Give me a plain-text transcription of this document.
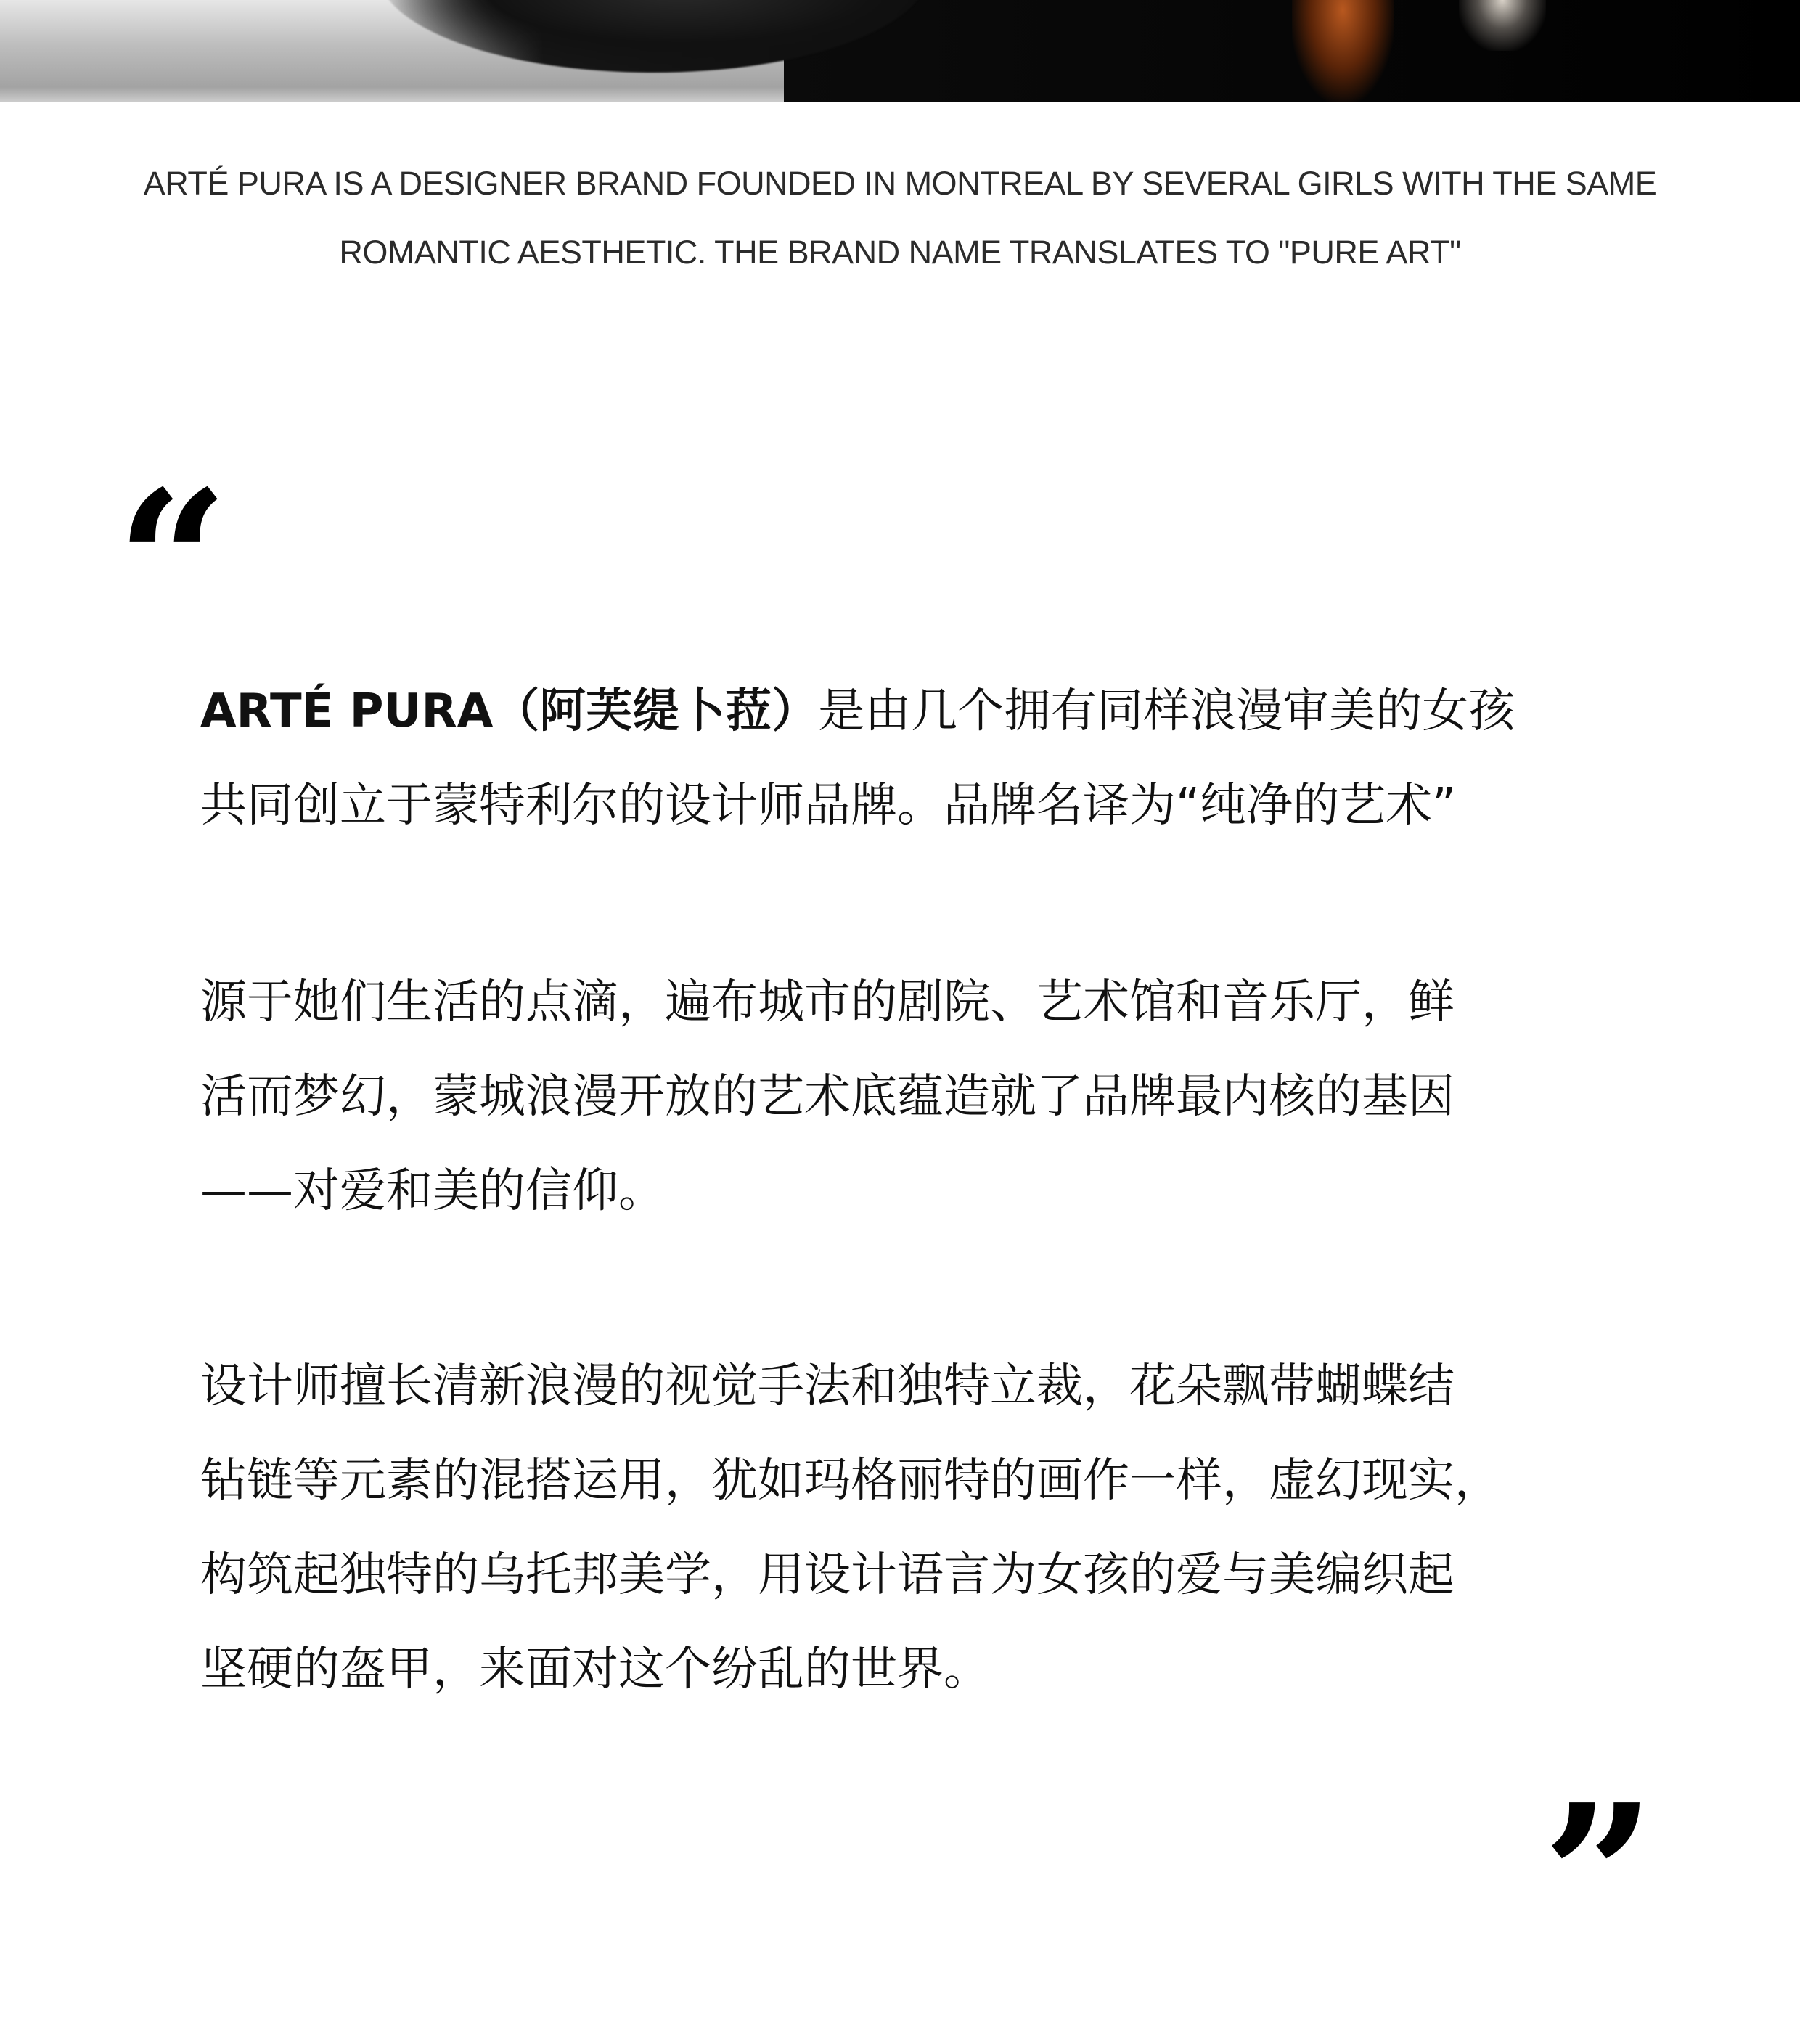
ARTÉ PURA IS A DESIGNER BRAND FOUNDED IN MONTREAL BY SEVERAL GIRLS WITH THE SAME
ROMANTIC AESTHETIC. THE BRAND NAME TRANSLATES TO "PURE ART"
“
ARTÉ PURA（阿芙缇卜菈）是由几个拥有同样浪漫审美的女孩
共同创立于蒙特利尔的设计师品牌。品牌名译为“纯净的艺术”
源于她们生活的点滴，遍布城市的剧院、艺术馆和音乐厅，鲜
活而梦幻，蒙城浪漫开放的艺术底蕴造就了品牌最内核的基因
——对爱和美的信仰。
设计师擅长清新浪漫的视觉手法和独特立裁，花朵飘带蝴蝶结
钻链等元素的混搭运用，犹如玛格丽特的画作一样，虚幻现实，
构筑起独特的乌托邦美学，用设计语言为女孩的爱与美编织起
坚硬的盔甲，来面对这个纷乱的世界。
”
